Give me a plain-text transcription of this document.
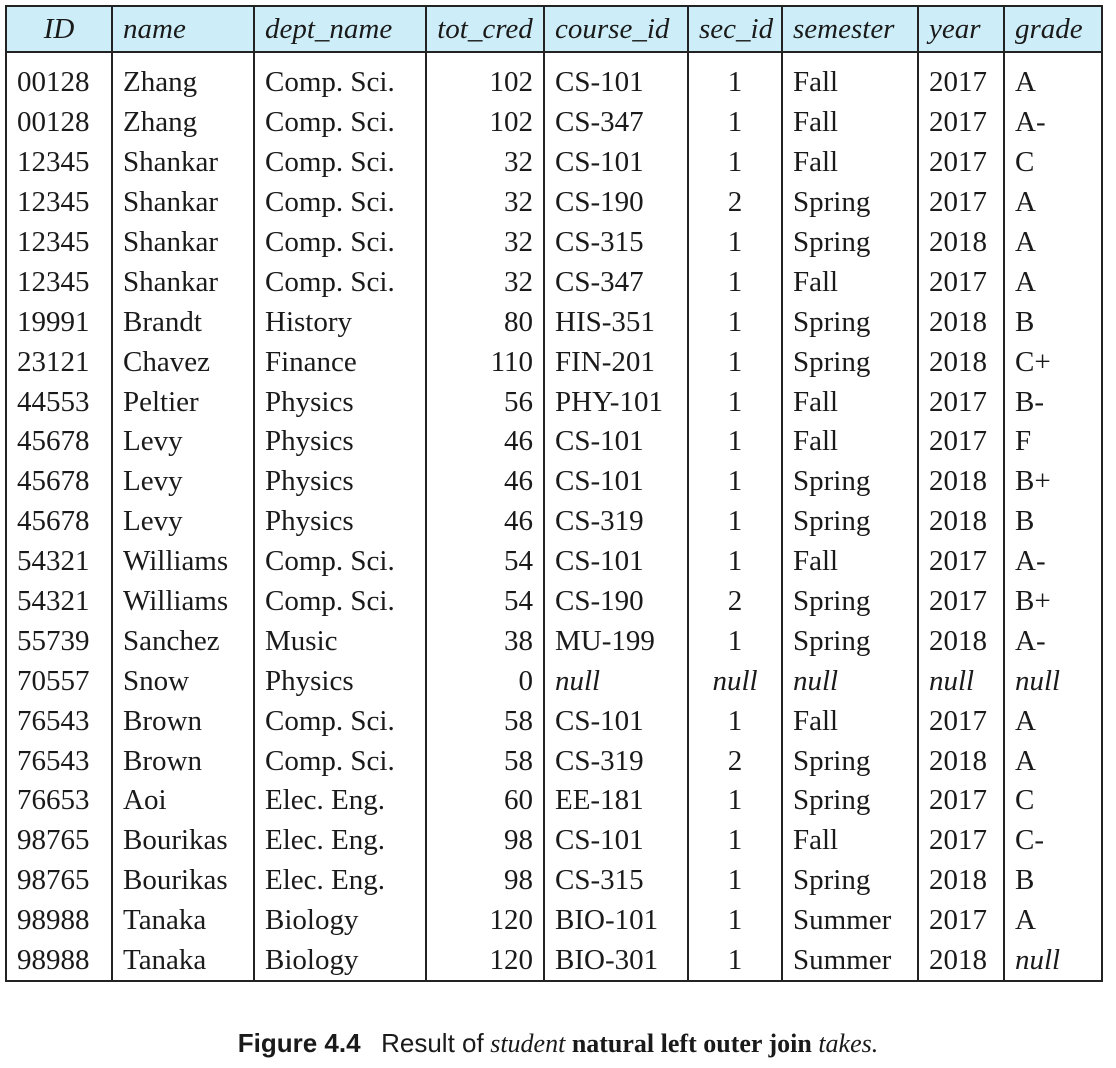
ID	name	dept_name	tot_cred	course_id	sec_id	semester	year	grade
00128	Zhang	Comp. Sci.	102	CS-101	1	Fall	2017	A
00128	Zhang	Comp. Sci.	102	CS-347	1	Fall	2017	A-
12345	Shankar	Comp. Sci.	32	CS-101	1	Fall	2017	C
12345	Shankar	Comp. Sci.	32	CS-190	2	Spring	2017	A
12345	Shankar	Comp. Sci.	32	CS-315	1	Spring	2018	A
12345	Shankar	Comp. Sci.	32	CS-347	1	Fall	2017	A
19991	Brandt	History	80	HIS-351	1	Spring	2018	B
23121	Chavez	Finance	110	FIN-201	1	Spring	2018	C+
44553	Peltier	Physics	56	PHY-101	1	Fall	2017	B-
45678	Levy	Physics	46	CS-101	1	Fall	2017	F
45678	Levy	Physics	46	CS-101	1	Spring	2018	B+
45678	Levy	Physics	46	CS-319	1	Spring	2018	B
54321	Williams	Comp. Sci.	54	CS-101	1	Fall	2017	A-
54321	Williams	Comp. Sci.	54	CS-190	2	Spring	2017	B+
55739	Sanchez	Music	38	MU-199	1	Spring	2018	A-
70557	Snow	Physics	0	null	null	null	null	null
76543	Brown	Comp. Sci.	58	CS-101	1	Fall	2017	A
76543	Brown	Comp. Sci.	58	CS-319	2	Spring	2018	A
76653	Aoi	Elec. Eng.	60	EE-181	1	Spring	2017	C
98765	Bourikas	Elec. Eng.	98	CS-101	1	Fall	2017	C-
98765	Bourikas	Elec. Eng.	98	CS-315	1	Spring	2018	B
98988	Tanaka	Biology	120	BIO-101	1	Summer	2017	A
98988	Tanaka	Biology	120	BIO-301	1	Summer	2018	null
Figure 4.4 Result of student natural left outer join takes.
